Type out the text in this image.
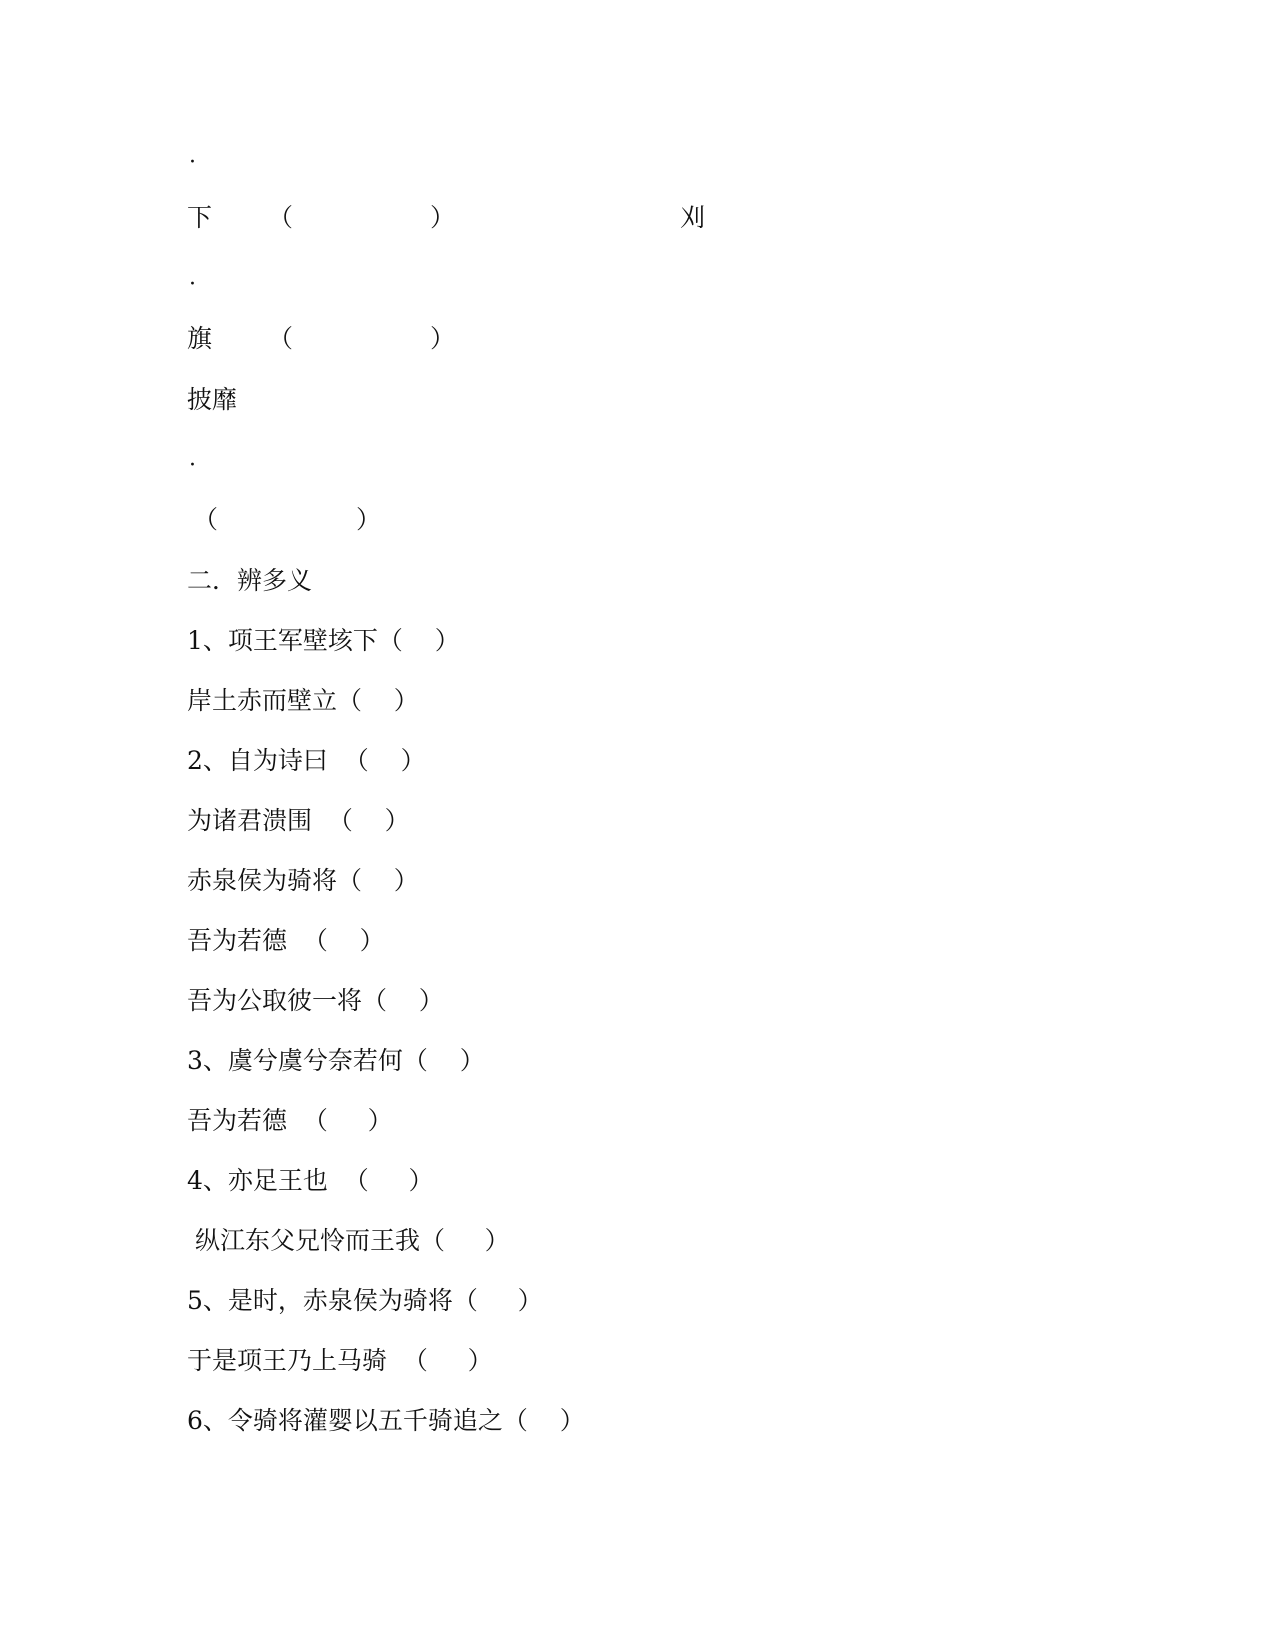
·
下 （	）	刈
·
旗 （	）
披靡
·
（	）
二．辨多义
1、项王军壁垓下（    ）
岸土赤而壁立（    ）
2、自为诗曰  （    ）
为诸君溃围  （    ）
赤泉侯为骑将（    ）
吾为若德  （    ）
吾为公取彼一将（    ）
3、虞兮虞兮奈若何（    ）
吾为若德  （     ）
4、亦足王也  （     ）
纵江东父兄怜而王我（     ）
5、是时，赤泉侯为骑将（     ）
于是项王乃上马骑  （     ）
6、令骑将灌婴以五千骑追之（    ）
